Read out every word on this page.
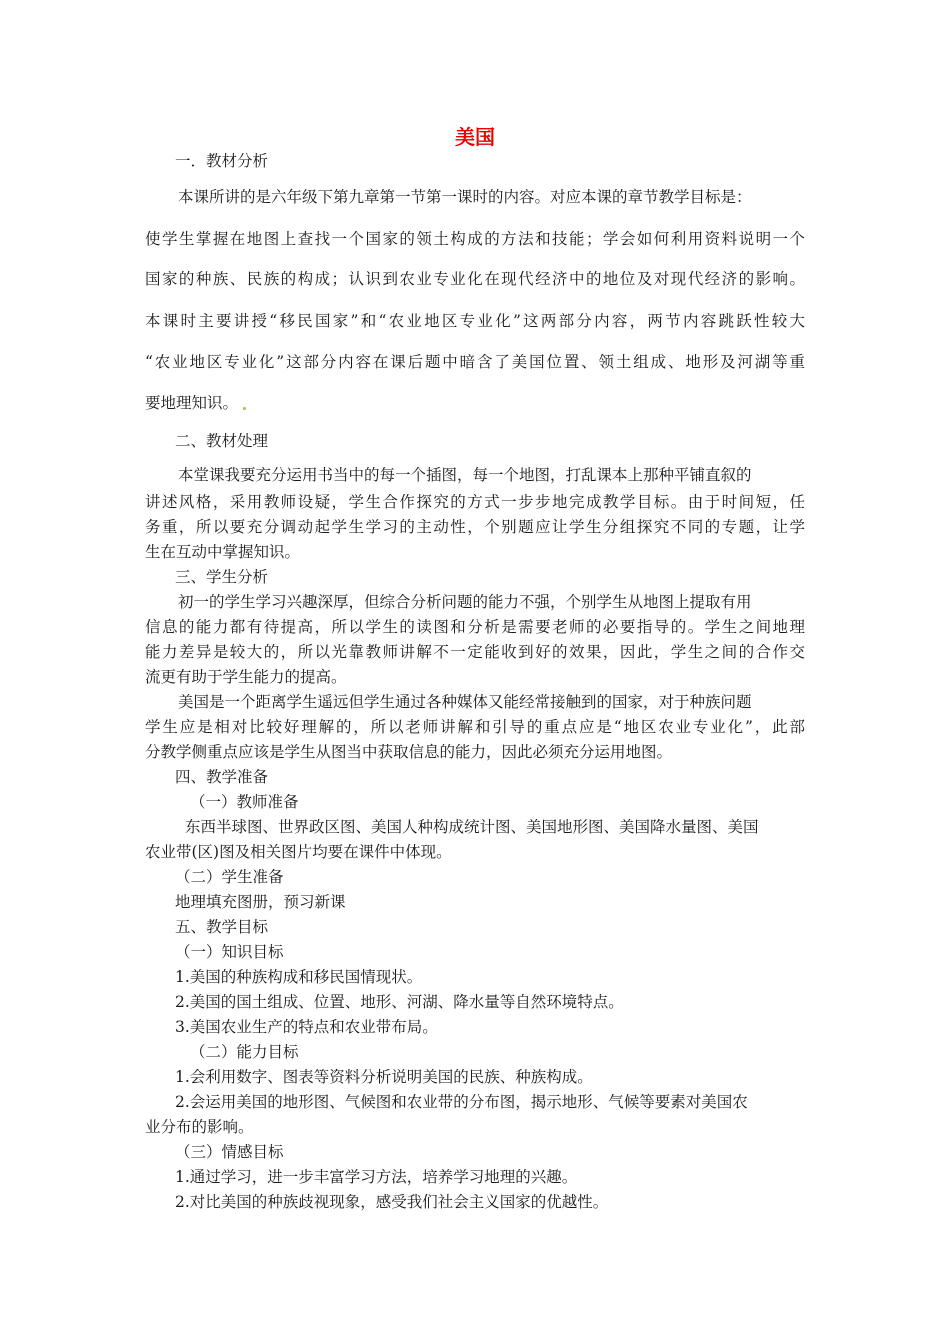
美国
一．教材分析
本课所讲的是六年级下第九章第一节第一课时的内容。对应本课的章节教学目标是：
使学生掌握在地图上查找一个国家的领土构成的方法和技能；学会如何利用资料说明一个
国家的种族、民族的构成；认识到农业专业化在现代经济中的地位及对现代经济的影响。
本课时主要讲授“移民国家”和“农业地区专业化”这两部分内容，两节内容跳跃性较大
“农业地区专业化”这部分内容在课后题中暗含了美国位置、领土组成、地形及河湖等重
要地理知识。
二、教材处理
本堂课我要充分运用书当中的每一个插图，每一个地图，打乱课本上那种平铺直叙的
讲述风格，采用教师设疑，学生合作探究的方式一步步地完成教学目标。由于时间短，任
务重，所以要充分调动起学生学习的主动性，个别题应让学生分组探究不同的专题，让学
生在互动中掌握知识。
三、学生分析
初一的学生学习兴趣深厚，但综合分析问题的能力不强，个别学生从地图上提取有用
信息的能力都有待提高，所以学生的读图和分析是需要老师的必要指导的。学生之间地理
能力差异是较大的，所以光靠教师讲解不一定能收到好的效果，因此，学生之间的合作交
流更有助于学生能力的提高。
美国是一个距离学生遥远但学生通过各种媒体又能经常接触到的国家，对于种族问题
学生应是相对比较好理解的，所以老师讲解和引导的重点应是“地区农业专业化”，此部
分教学侧重点应该是学生从图当中获取信息的能力，因此必须充分运用地图。
四、教学准备
（一）教师准备
东西半球图、世界政区图、美国人种构成统计图、美国地形图、美国降水量图、美国
农业带(区)图及相关图片均要在课件中体现。
（二）学生准备
地理填充图册，预习新课
五、教学目标
（一）知识目标
1.美国的种族构成和移民国情现状。
2.美国的国土组成、位置、地形、河湖、降水量等自然环境特点。
3.美国农业生产的特点和农业带布局。
（二）能力目标
1.会利用数字、图表等资料分析说明美国的民族、种族构成。
2.会运用美国的地形图、气候图和农业带的分布图，揭示地形、气候等要素对美国农
业分布的影响。
（三）情感目标
1.通过学习，进一步丰富学习方法，培养学习地理的兴趣。
2.对比美国的种族歧视现象，感受我们社会主义国家的优越性。
